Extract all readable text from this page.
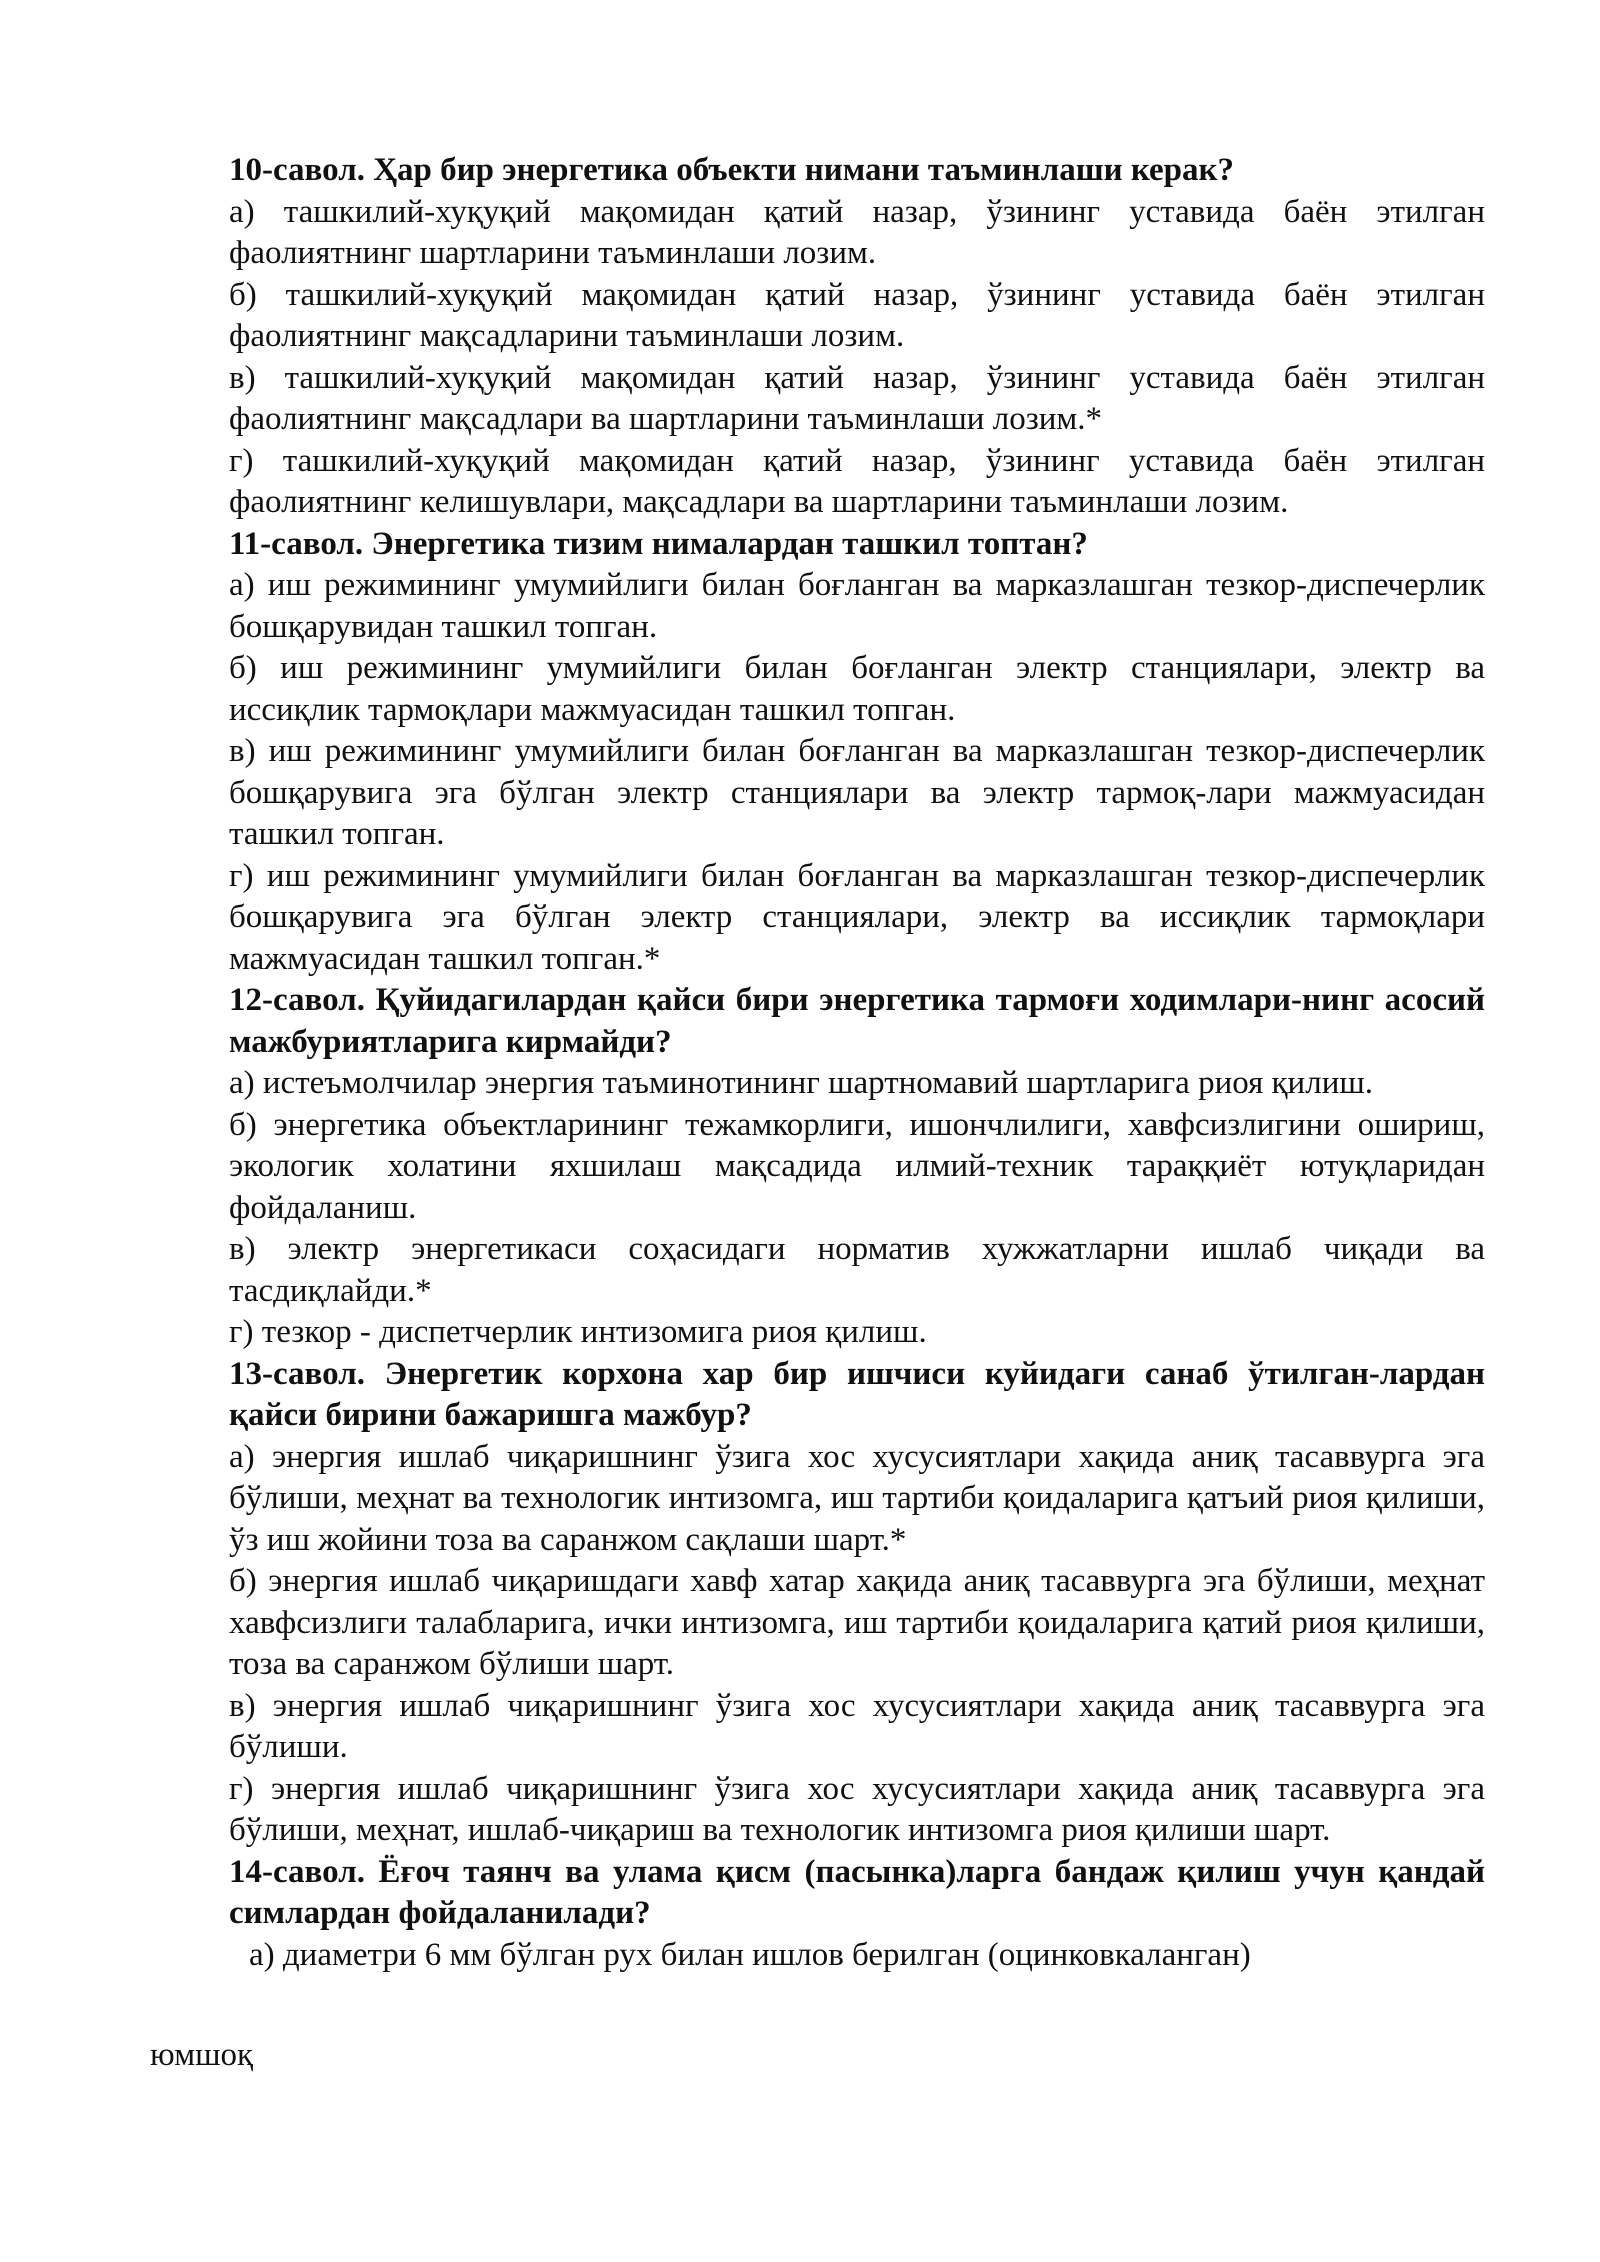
10-савол. Ҳар бир энергетика объекти нимани таъминлаши керак?

а) ташкилий-хуқуқий мақомидан қатий назар, ўзининг уставида баён этилган фаолиятнинг шартларини таъминлаши лозим.

б) ташкилий-хуқуқий мақомидан қатий назар, ўзининг уставида баён этилган фаолиятнинг мақсадларини таъминлаши лозим.

в) ташкилий-хуқуқий мақомидан қатий назар, ўзининг уставида баён этилган фаолиятнинг мақсадлари ва шартларини таъминлаши лозим.*

г) ташкилий-хуқуқий мақомидан қатий назар, ўзининг уставида баён этилган фаолиятнинг келишувлари, мақсадлари ва шартларини таъминлаши лозим.

11-савол. Энергетика тизим нималардан ташкил топтан?

а) иш режимининг умумийлиги билан боғланган ва марказлашган тезкор-диспечерлик бошқарувидан ташкил топган.

б) иш режимининг умумийлиги билан боғланган электр станциялари, электр ва иссиқлик тармоқлари мажмуасидан ташкил топган.

в) иш режимининг умумийлиги билан боғланган ва марказлашган тезкор-диспечерлик бошқарувига эга бўлган электр станциялари ва электр тармоқ-лари мажмуасидан ташкил топган.

г) иш режимининг умумийлиги билан боғланган ва марказлашган тезкор-диспечерлик бошқарувига эга бўлган электр станциялари, электр ва иссиқлик тармоқлари мажмуасидан ташкил топган.*

12-савол. Қуйидагилардан қайси бири энергетика тармоғи ходимлари-нинг асосий мажбуриятларига кирмайди?

а) истеъмолчилар энергия таъминотининг шартномавий шартларига риоя қилиш.

б) энергетика объектларининг тежамкорлиги, ишончлилиги, хавфсизлигини ошириш, экологик холатини яхшилаш мақсадида илмий-техник тараққиёт ютуқларидан фойдаланиш.

в) электр энергетикаси соҳасидаги норматив хужжатларни ишлаб чиқади ва тасдиқлайди.*

г) тезкор - диспетчерлик интизомига риоя қилиш.

13-савол. Энергетик корхона хар бир ишчиси куйидаги санаб ўтилган-лардан қайси бирини бажаришга мажбур?

а) энергия ишлаб чиқаришнинг ўзига хос хусусиятлари хақида аниқ тасаввурга эга бўлиши, меҳнат ва технологик интизомга, иш тартиби қоидаларига қатъий риоя қилиши, ўз иш жойини тоза ва саранжом сақлаши шарт.*

б) энергия ишлаб чиқаришдаги хавф хатар хақида аниқ тасаввурга эга бўлиши, меҳнат хавфсизлиги талабларига, ички интизомга, иш тартиби қоидаларига қатий риоя қилиши, тоза ва саранжом бўлиши шарт.

в) энергия ишлаб чиқаришнинг ўзига хос хусусиятлари хақида аниқ тасаввурга эга бўлиши.

г) энергия ишлаб чиқаришнинг ўзига хос хусусиятлари хақида аниқ тасаввурга эга бўлиши, меҳнат, ишлаб-чиқариш ва технологик интизомга риоя қилиши шарт.

14-савол. Ёғоч таянч ва улама қисм (пасынка)ларга бандаж қилиш учун қандай симлардан фойдаланилади?

а) диаметри 6 мм бўлган рух билан ишлов берилган (оцинковкаланган)

юмшоқ
